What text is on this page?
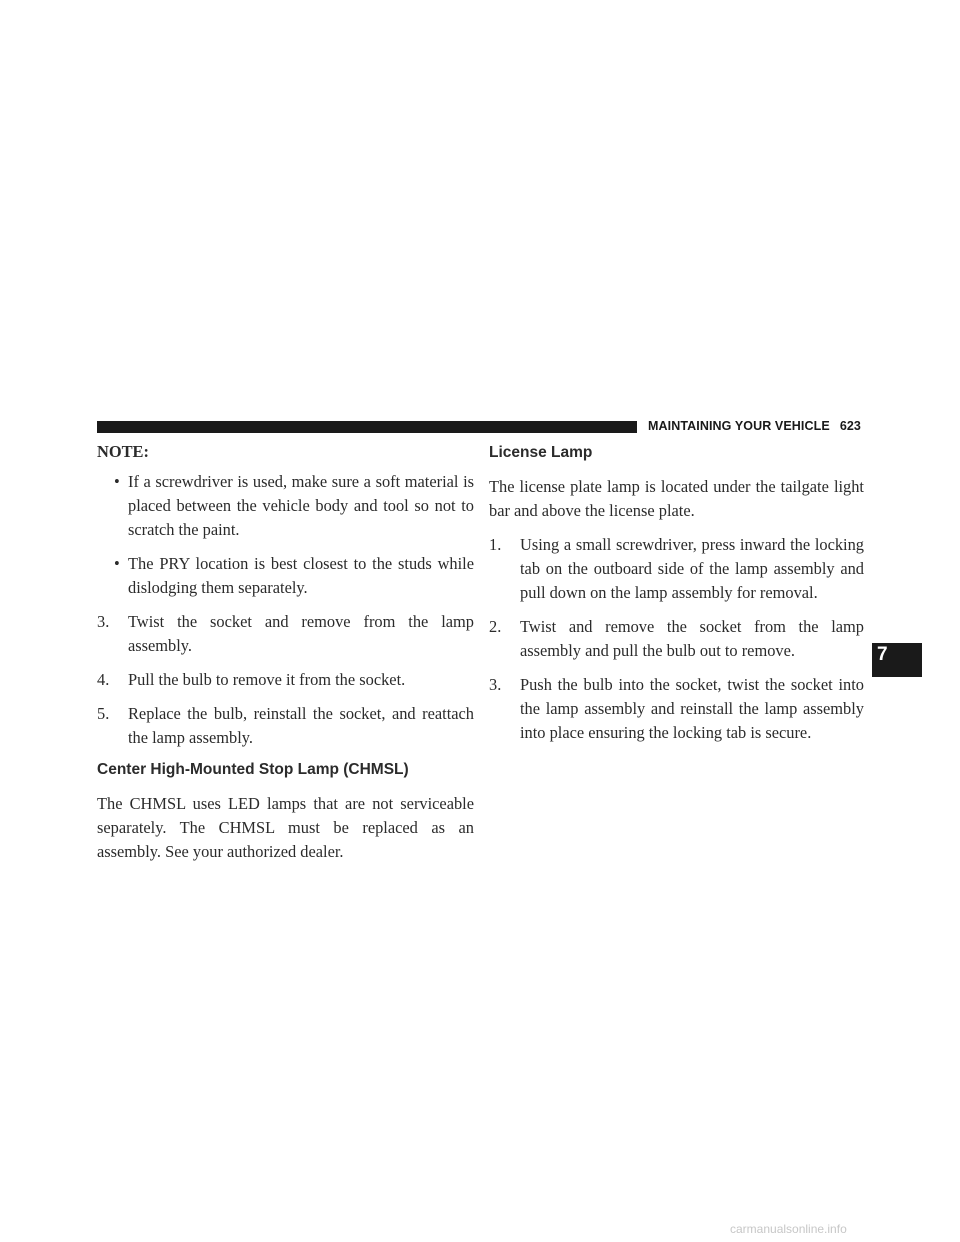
MAINTAINING YOUR VEHICLE 623
NOTE:
• If a screwdriver is used, make sure a soft material is placed between the vehicle body and tool so not to scratch the paint.
• The PRY location is best closest to the studs while dislodging them separately.
3. Twist the socket and remove from the lamp assembly.
4. Pull the bulb to remove it from the socket.
5. Replace the bulb, reinstall the socket, and reattach the lamp assembly.
Center High-Mounted Stop Lamp (CHMSL)

The CHMSL uses LED lamps that are not serviceable separately. The CHMSL must be replaced as an assembly. See your authorized dealer.

License Lamp

The license plate lamp is located under the tailgate light bar and above the license plate.

1. Using a small screwdriver, press inward the locking tab on the outboard side of the lamp assembly and pull down on the lamp assembly for removal.
2. Twist and remove the socket from the lamp assembly and pull the bulb out to remove.
3. Push the bulb into the socket, twist the socket into the lamp assembly and reinstall the lamp assembly into place ensuring the locking tab is secure.
7
carmanualsonline.info
